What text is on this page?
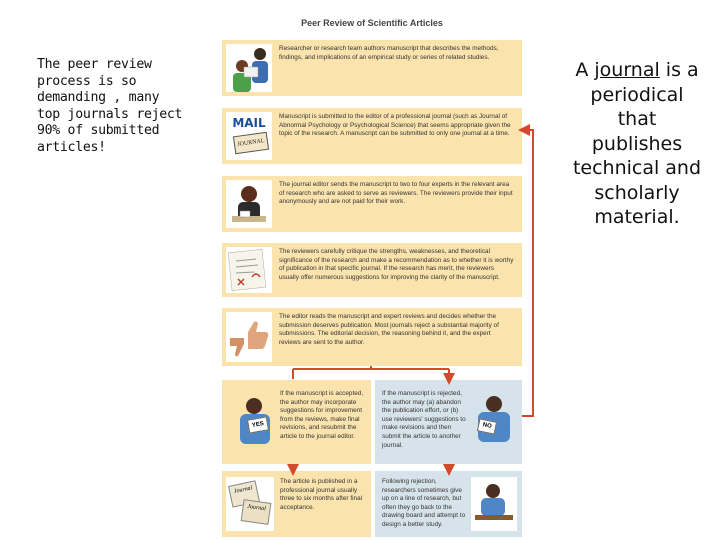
The peer review process is so demanding , many top journals reject 90% of submitted articles!
A journal is a periodical that publishes technical and scholarly material.
Peer Review of Scientific Articles
Researcher or research team authors manuscript that describes the methods, findings, and implications of an empirical study or series of related studies.
MAIL
JOURNAL
Manuscript is submitted to the editor of a professional journal (such as Journal of Abnormal Psychology or Psychological Science) that seems appropriate given the topic of the research. A manuscript can be submitted to only one journal at a time.
The journal editor sends the manuscript to two to four experts in the relevant area of research who are asked to serve as reviewers. The reviewers provide their input anonymously and are not paid for their work.
The reviewers carefully critique the strengths, weaknesses, and theoretical significance of the research and make a recommendation as to whether it is worthy of publication in that specific journal. If the research has merit, the reviewers usually offer numerous suggestions for improving the clarity of the manuscript.
The editor reads the manuscript and expert reviews and decides whether the submission deserves publication. Most journals reject a substantial majority of submissions. The editorial decision, the reasoning behind it, and the expert reviews are sent to the author.
YES
If the manuscript is accepted, the author may incorporate suggestions for improvement from the reviews, make final revisions, and resubmit the article to the journal editor.
If the manuscript is rejected, the author may (a) abandon the publication effort, or (b) use reviewers' suggestions to make revisions and then submit the article to another journal.
NO
Journal
Journal
The article is published in a professional journal usually three to six months after final acceptance.
Following rejection, researchers sometimes give up on a line of research, but often they go back to the drawing board and attempt to design a better study.
